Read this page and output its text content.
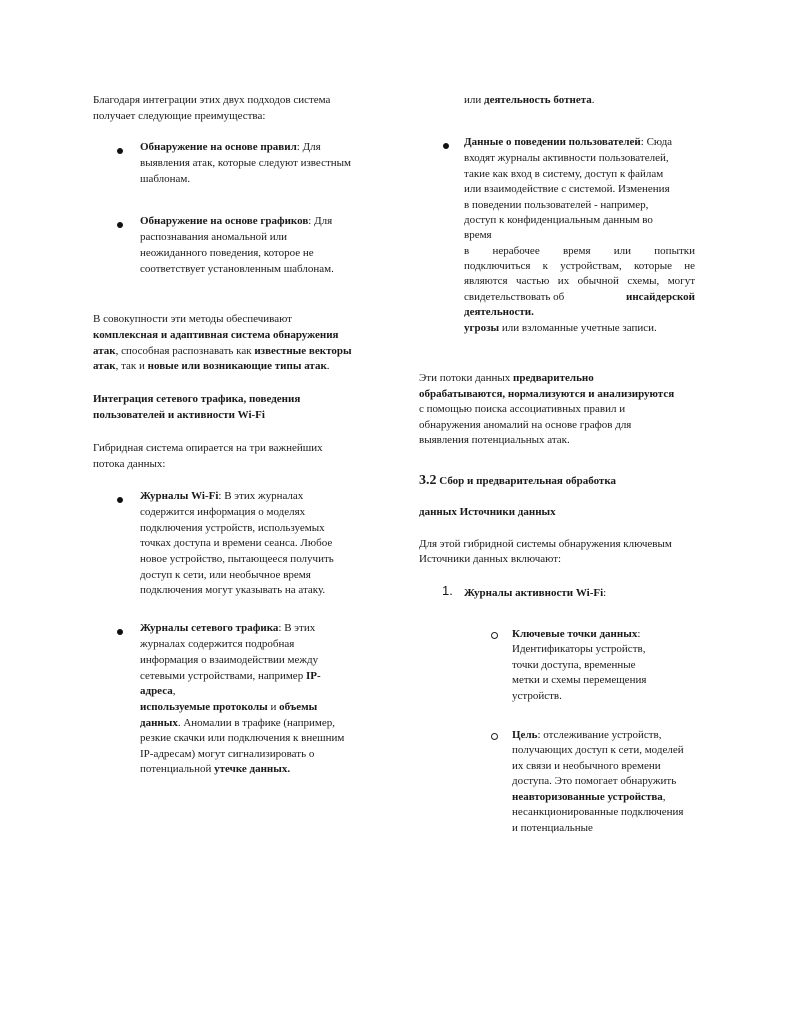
Благодаря интеграции этих двух подходов система
получает следующие преимущества:
Обнаружение на основе правил: Для
выявления атак, которые следуют известным
шаблонам.
Обнаружение на основе графиков: Для
распознавания аномальной или
неожиданного поведения, которое не
соответствует установленным шаблонам.
В совокупности эти методы обеспечивают
комплексная и адаптивная система обнаружения
атак, способная распознавать как известные векторы
атак, так и новые или возникающие типы атак.
Интеграция сетевого трафика, поведения
пользователей и активности Wi-Fi
Гибридная система опирается на три важнейших
потока данных:
Журналы Wi-Fi: В этих журналах
содержится информация о моделях
подключения устройств, используемых
точках доступа и времени сеанса. Любое
новое устройство, пытающееся получить
доступ к сети, или необычное время
подключения могут указывать на атаку.
Журналы сетевого трафика: В этих
журналах содержится подробная
информация о взаимодействии между
сетевыми устройствами, например IP-
адреса,
используемые протоколы и объемы
данных. Аномалии в трафике (например,
резкие скачки или подключения к внешним
IP-адресам) могут сигнализировать о
потенциальной утечке данных.
или деятельность ботнета.
Данные о поведении пользователей: Сюда
входят журналы активности пользователей,
такие как вход в систему, доступ к файлам
или взаимодействие с системой. Изменения
в поведении пользователей - например,
доступ к конфиденциальным данным во
время
в нерабочее время или попытки
подключиться к устройствам, которые не
являются частью их обычной схемы, могут
свидетельствовать об	инсайдерской
деятельности.
угрозы или взломанные учетные записи.
Эти потоки данных предварительно
обрабатываются, нормализуются и анализируются
с помощью поиска ассоциативных правил и
обнаружения аномалий на основе графов для
выявления потенциальных атак.
3.2 Сбор и предварительная обработка
данных Источники данных
Для этой гибридной системы обнаружения ключевым
Источники данных включают:
1. Журналы активности Wi-Fi:
Ключевые точки данных:
Идентификаторы устройств,
точки доступа, временные
метки и схемы перемещения
устройств.
Цель: отслеживание устройств,
получающих доступ к сети, моделей
их связи и необычного времени
доступа. Это помогает обнаружить
неавторизованные устройства,
несанкционированные подключения
и потенциальные
